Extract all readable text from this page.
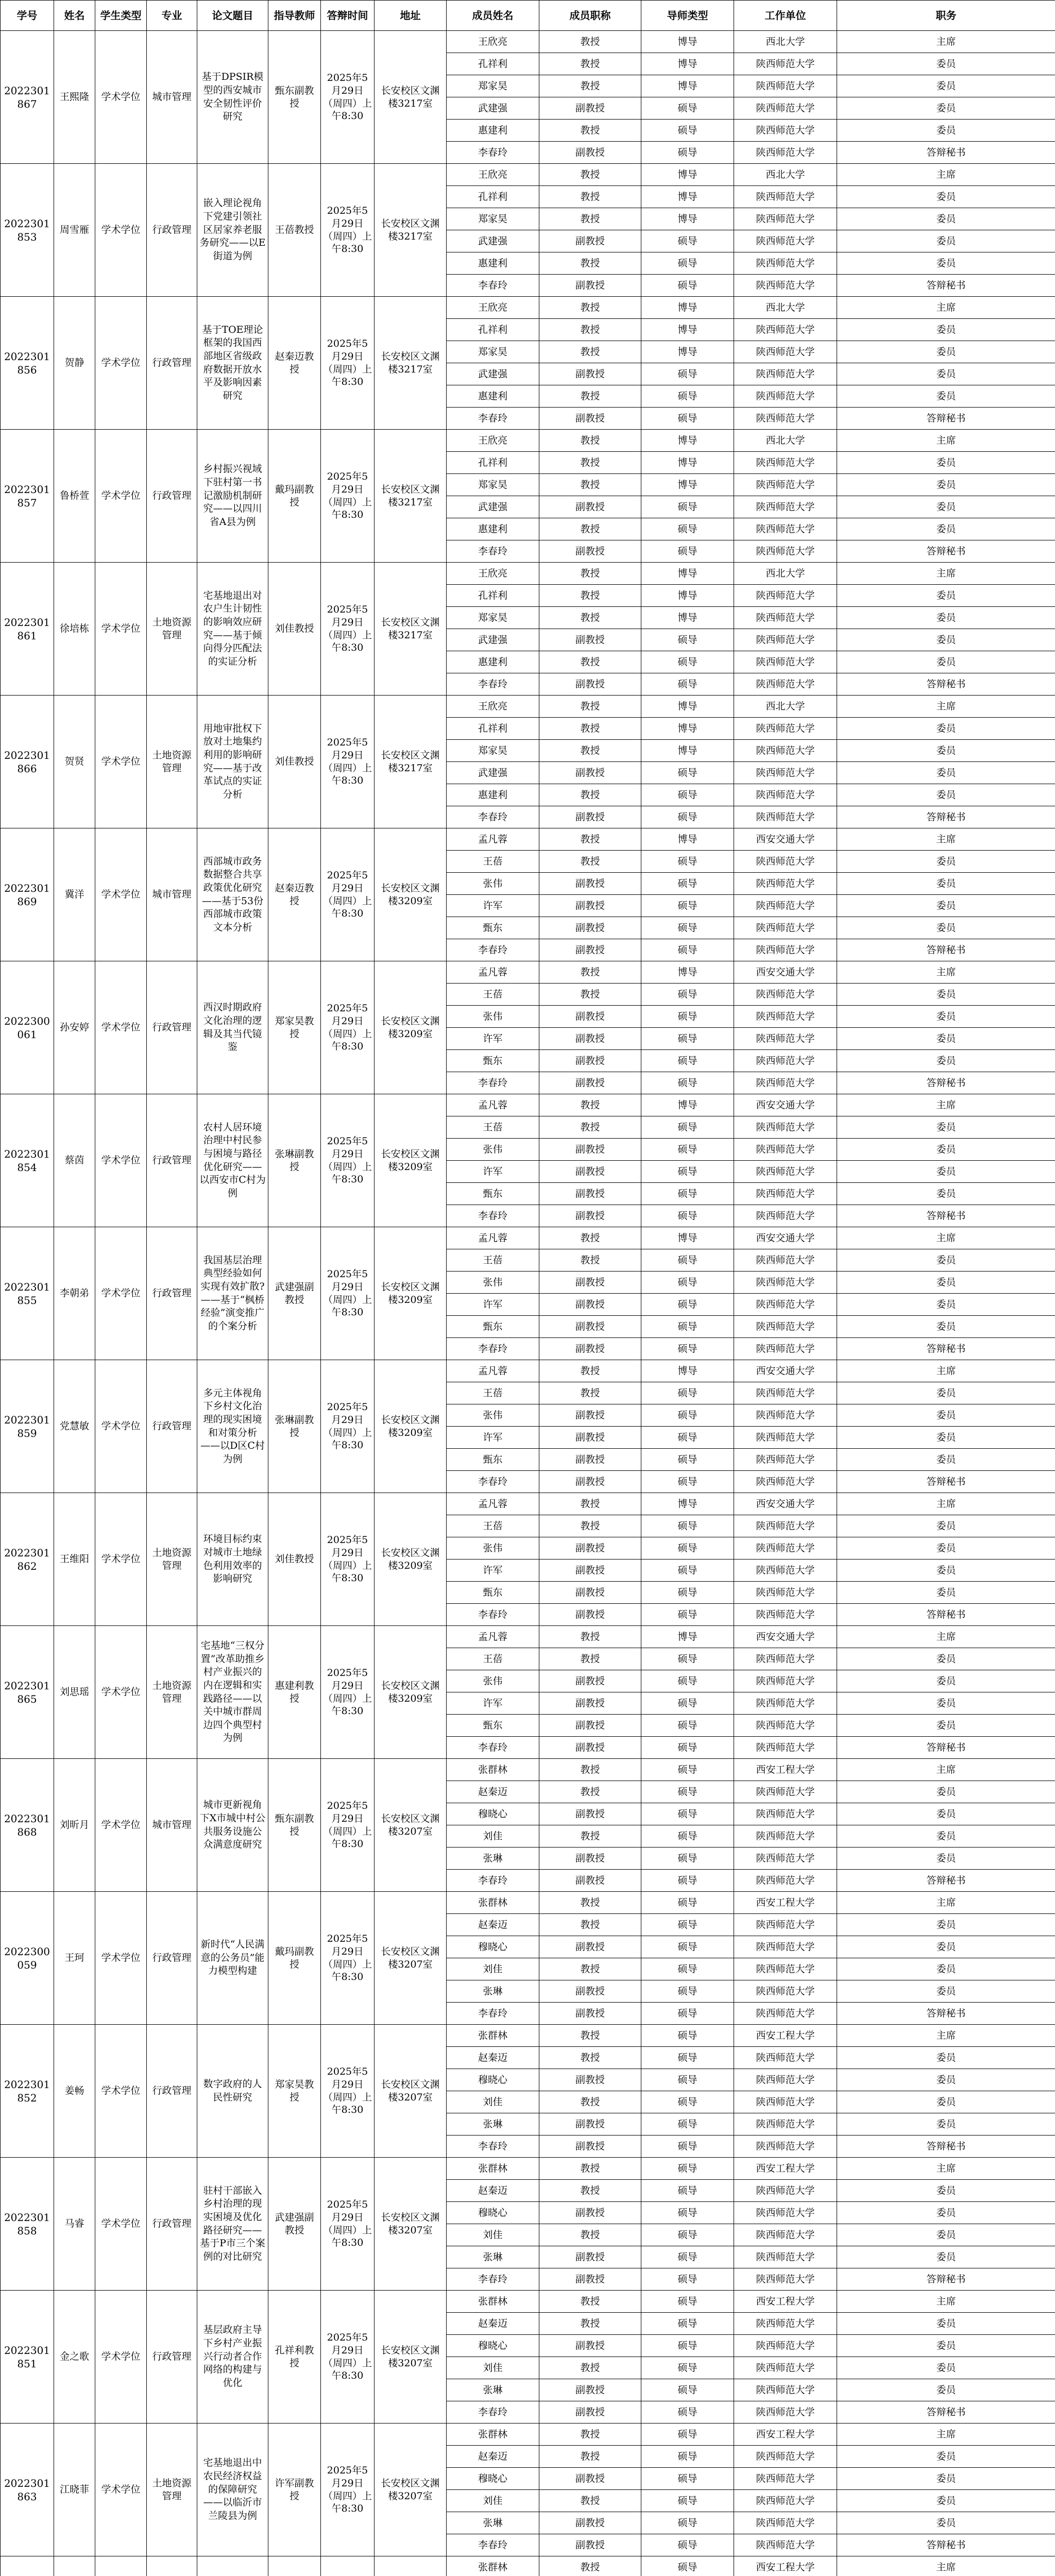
学号	姓名	学生类型	专业	论文题目	指导教师	答辩时间	地址	成员姓名	成员职称	导师类型	工作单位	职务
2022301867	王熙隆	学术学位	城市管理	基于DPSIR模型的西安城市安全韧性评价研究	甄东副教授	2025年5月29日（周四）上午8:30	长安校区文渊楼3217室	王欣亮	教授	博导	西北大学	主席
								孔祥利	教授	博导	陕西师范大学	委员
								郑家昊	教授	博导	陕西师范大学	委员
								武建强	副教授	硕导	陕西师范大学	委员
								惠建利	教授	硕导	陕西师范大学	委员
								李春玲	副教授	硕导	陕西师范大学	答辩秘书
2022301853	周雪雁	学术学位	行政管理	嵌入理论视角下党建引领社区居家养老服务研究——以E街道为例	王蓓教授	2025年5月29日（周四）上午8:30	长安校区文渊楼3217室	王欣亮	教授	博导	西北大学	主席
								孔祥利	教授	博导	陕西师范大学	委员
								郑家昊	教授	博导	陕西师范大学	委员
								武建强	副教授	硕导	陕西师范大学	委员
								惠建利	教授	硕导	陕西师范大学	委员
								李春玲	副教授	硕导	陕西师范大学	答辩秘书
2022301856	贺静	学术学位	行政管理	基于TOE理论框架的我国西部地区省级政府数据开放水平及影响因素研究	赵秦迈教授	2025年5月29日（周四）上午8:30	长安校区文渊楼3217室	王欣亮	教授	博导	西北大学	主席
								孔祥利	教授	博导	陕西师范大学	委员
								郑家昊	教授	博导	陕西师范大学	委员
								武建强	副教授	硕导	陕西师范大学	委员
								惠建利	教授	硕导	陕西师范大学	委员
								李春玲	副教授	硕导	陕西师范大学	答辩秘书
2022301857	鲁桥萱	学术学位	行政管理	乡村振兴视域下驻村第一书记激励机制研究——以四川省A县为例	戴玛副教授	2025年5月29日（周四）上午8:30	长安校区文渊楼3217室	王欣亮	教授	博导	西北大学	主席
								孔祥利	教授	博导	陕西师范大学	委员
								郑家昊	教授	博导	陕西师范大学	委员
								武建强	副教授	硕导	陕西师范大学	委员
								惠建利	教授	硕导	陕西师范大学	委员
								李春玲	副教授	硕导	陕西师范大学	答辩秘书
2022301861	徐培栋	学术学位	土地资源管理	宅基地退出对农户生计韧性的影响效应研究——基于倾向得分匹配法的实证分析	刘佳教授	2025年5月29日（周四）上午8:30	长安校区文渊楼3217室	王欣亮	教授	博导	西北大学	主席
								孔祥利	教授	博导	陕西师范大学	委员
								郑家昊	教授	博导	陕西师范大学	委员
								武建强	副教授	硕导	陕西师范大学	委员
								惠建利	教授	硕导	陕西师范大学	委员
								李春玲	副教授	硕导	陕西师范大学	答辩秘书
2022301866	贺贤	学术学位	土地资源管理	用地审批权下放对土地集约利用的影响研究——基于改革试点的实证分析	刘佳教授	2025年5月29日（周四）上午8:30	长安校区文渊楼3217室	王欣亮	教授	博导	西北大学	主席
								孔祥利	教授	博导	陕西师范大学	委员
								郑家昊	教授	博导	陕西师范大学	委员
								武建强	副教授	硕导	陕西师范大学	委员
								惠建利	教授	硕导	陕西师范大学	委员
								李春玲	副教授	硕导	陕西师范大学	答辩秘书
2022301869	冀洋	学术学位	城市管理	西部城市政务数据整合共享政策优化研究——基于53份西部城市政策文本分析	赵秦迈教授	2025年5月29日（周四）上午8:30	长安校区文渊楼3209室	孟凡蓉	教授	博导	西安交通大学	主席
								王蓓	教授	硕导	陕西师范大学	委员
								张伟	副教授	硕导	陕西师范大学	委员
								许军	副教授	硕导	陕西师范大学	委员
								甄东	副教授	硕导	陕西师范大学	委员
								李春玲	副教授	硕导	陕西师范大学	答辩秘书
2022300061	孙安婷	学术学位	行政管理	西汉时期政府文化治理的逻辑及其当代镜鉴	郑家昊教授	2025年5月29日（周四）上午8:30	长安校区文渊楼3209室	孟凡蓉	教授	博导	西安交通大学	主席
								王蓓	教授	硕导	陕西师范大学	委员
								张伟	副教授	硕导	陕西师范大学	委员
								许军	副教授	硕导	陕西师范大学	委员
								甄东	副教授	硕导	陕西师范大学	委员
								李春玲	副教授	硕导	陕西师范大学	答辩秘书
2022301854	蔡茵	学术学位	行政管理	农村人居环境治理中村民参与困境与路径优化研究——以西安市C村为例	张琳副教授	2025年5月29日（周四）上午8:30	长安校区文渊楼3209室	孟凡蓉	教授	博导	西安交通大学	主席
								王蓓	教授	硕导	陕西师范大学	委员
								张伟	副教授	硕导	陕西师范大学	委员
								许军	副教授	硕导	陕西师范大学	委员
								甄东	副教授	硕导	陕西师范大学	委员
								李春玲	副教授	硕导	陕西师范大学	答辩秘书
2022301855	李朝弟	学术学位	行政管理	我国基层治理典型经验如何实现有效扩散?——基于“枫桥经验”演变推广的个案分析	武建强副教授	2025年5月29日（周四）上午8:30	长安校区文渊楼3209室	孟凡蓉	教授	博导	西安交通大学	主席
								王蓓	教授	硕导	陕西师范大学	委员
								张伟	副教授	硕导	陕西师范大学	委员
								许军	副教授	硕导	陕西师范大学	委员
								甄东	副教授	硕导	陕西师范大学	委员
								李春玲	副教授	硕导	陕西师范大学	答辩秘书
2022301859	党慧敏	学术学位	行政管理	多元主体视角下乡村文化治理的现实困境和对策分析——以D区C村为例	张琳副教授	2025年5月29日（周四）上午8:30	长安校区文渊楼3209室	孟凡蓉	教授	博导	西安交通大学	主席
								王蓓	教授	硕导	陕西师范大学	委员
								张伟	副教授	硕导	陕西师范大学	委员
								许军	副教授	硕导	陕西师范大学	委员
								甄东	副教授	硕导	陕西师范大学	委员
								李春玲	副教授	硕导	陕西师范大学	答辩秘书
2022301862	王维阳	学术学位	土地资源管理	环境目标约束对城市土地绿色利用效率的影响研究	刘佳教授	2025年5月29日（周四）上午8:30	长安校区文渊楼3209室	孟凡蓉	教授	博导	西安交通大学	主席
								王蓓	教授	硕导	陕西师范大学	委员
								张伟	副教授	硕导	陕西师范大学	委员
								许军	副教授	硕导	陕西师范大学	委员
								甄东	副教授	硕导	陕西师范大学	委员
								李春玲	副教授	硕导	陕西师范大学	答辩秘书
2022301865	刘思瑶	学术学位	土地资源管理	宅基地“三权分置”改革助推乡村产业振兴的内在逻辑和实践路径——以关中城市群周边四个典型村为例	惠建利教授	2025年5月29日（周四）上午8:30	长安校区文渊楼3209室	孟凡蓉	教授	博导	西安交通大学	主席
								王蓓	教授	硕导	陕西师范大学	委员
								张伟	副教授	硕导	陕西师范大学	委员
								许军	副教授	硕导	陕西师范大学	委员
								甄东	副教授	硕导	陕西师范大学	委员
								李春玲	副教授	硕导	陕西师范大学	答辩秘书
2022301868	刘昕月	学术学位	城市管理	城市更新视角下X市城中村公共服务设施公众满意度研究	甄东副教授	2025年5月29日（周四）上午8:30	长安校区文渊楼3207室	张群林	教授	硕导	西安工程大学	主席
								赵秦迈	教授	硕导	陕西师范大学	委员
								穆晓心	副教授	硕导	陕西师范大学	委员
								刘佳	教授	硕导	陕西师范大学	委员
								张琳	副教授	硕导	陕西师范大学	委员
								李春玲	副教授	硕导	陕西师范大学	答辩秘书
2022300059	王珂	学术学位	行政管理	新时代“人民满意的公务员”能力模型构建	戴玛副教授	2025年5月29日（周四）上午8:30	长安校区文渊楼3207室	张群林	教授	硕导	西安工程大学	主席
								赵秦迈	教授	硕导	陕西师范大学	委员
								穆晓心	副教授	硕导	陕西师范大学	委员
								刘佳	教授	硕导	陕西师范大学	委员
								张琳	副教授	硕导	陕西师范大学	委员
								李春玲	副教授	硕导	陕西师范大学	答辩秘书
2022301852	姜畅	学术学位	行政管理	数字政府的人民性研究	郑家昊教授	2025年5月29日（周四）上午8:30	长安校区文渊楼3207室	张群林	教授	硕导	西安工程大学	主席
								赵秦迈	教授	硕导	陕西师范大学	委员
								穆晓心	副教授	硕导	陕西师范大学	委员
								刘佳	教授	硕导	陕西师范大学	委员
								张琳	副教授	硕导	陕西师范大学	委员
								李春玲	副教授	硕导	陕西师范大学	答辩秘书
2022301858	马睿	学术学位	行政管理	驻村干部嵌入乡村治理的现实困境及优化路径研究——基于P市三个案例的对比研究	武建强副教授	2025年5月29日（周四）上午8:30	长安校区文渊楼3207室	张群林	教授	硕导	西安工程大学	主席
								赵秦迈	教授	硕导	陕西师范大学	委员
								穆晓心	副教授	硕导	陕西师范大学	委员
								刘佳	教授	硕导	陕西师范大学	委员
								张琳	副教授	硕导	陕西师范大学	委员
								李春玲	副教授	硕导	陕西师范大学	答辩秘书
2022301851	金之歌	学术学位	行政管理	基层政府主导下乡村产业振兴行动者合作网络的构建与优化	孔祥利教授	2025年5月29日（周四）上午8:30	长安校区文渊楼3207室	张群林	教授	硕导	西安工程大学	主席
								赵秦迈	教授	硕导	陕西师范大学	委员
								穆晓心	副教授	硕导	陕西师范大学	委员
								刘佳	教授	硕导	陕西师范大学	委员
								张琳	副教授	硕导	陕西师范大学	委员
								李春玲	副教授	硕导	陕西师范大学	答辩秘书
2022301863	江晓菲	学术学位	土地资源管理	宅基地退出中农民经济权益的保障研究——以临沂市兰陵县为例	许军副教授	2025年5月29日（周四）上午8:30	长安校区文渊楼3207室	张群林	教授	硕导	西安工程大学	主席
								赵秦迈	教授	硕导	陕西师范大学	委员
								穆晓心	副教授	硕导	陕西师范大学	委员
								刘佳	教授	硕导	陕西师范大学	委员
								张琳	副教授	硕导	陕西师范大学	委员
								李春玲	副教授	硕导	陕西师范大学	答辩秘书
								张群林	教授	硕导	西安工程大学	主席
